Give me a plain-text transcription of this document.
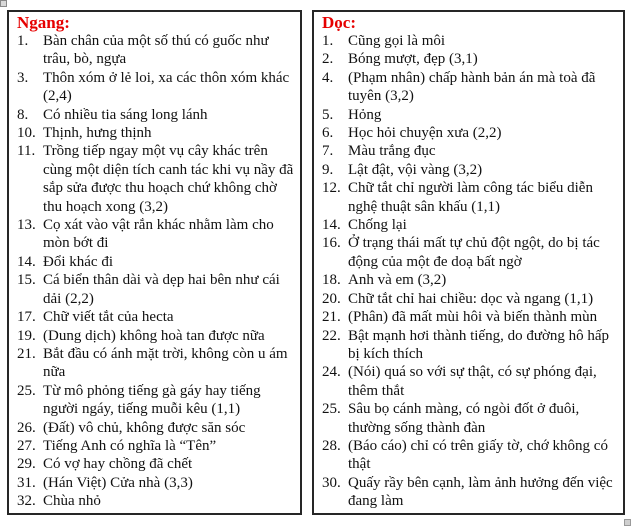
Ngang:
1. Bàn chân của một số thú có guốc như trâu, bò, ngựa
3. Thôn xóm ở lẻ loi, xa các thôn xóm khác (2,4)
8. Có nhiều tia sáng long lánh
10. Thịnh, hưng thịnh
11. Trồng tiếp ngay một vụ cây khác trên cùng một diện tích canh tác khi vụ nầy đã sắp sửa được thu hoạch chứ không chờ thu hoạch xong (3,2)
13. Cọ xát vào vật rắn khác nhằm làm cho mòn bớt đi
14. Đổi khác đi
15. Cá biển thân dài và dẹp hai bên như cái dải (2,2)
17. Chữ viết tắt của hecta
19. (Dung dịch) không hoà tan được nữa
21. Bắt đầu có ánh mặt trời, không còn u ám nữa
25. Từ mô phỏng tiếng gà gáy hay tiếng người ngáy, tiếng muỗi kêu (1,1)
26. (Đất) vô chủ, không được săn sóc
27. Tiếng Anh có nghĩa là “Tên”
29. Có vợ hay chồng đã chết
31. (Hán Việt) Cửa nhà (3,3)
32. Chùa nhỏ
Dọc:
1. Cũng gọi là môi
2. Bóng mượt, đẹp (3,1)
4. (Phạm nhân) chấp hành bản án mà toà đã tuyên (3,2)
5. Hỏng
6. Học hỏi chuyện xưa (2,2)
7. Màu trắng đục
9. Lật đật, vội vàng (3,2)
12. Chữ tắt chỉ người làm công tác biểu diễn nghệ thuật sân khấu (1,1)
14. Chống lại
16. Ở trạng thái mất tự chủ đột ngột, do bị tác động của một đe doạ bất ngờ
18. Anh và em (3,2)
20. Chữ tắt chỉ hai chiều: dọc và ngang (1,1)
21. (Phân) đã mất mùi hôi và biến thành mùn
22. Bật mạnh hơi thành tiếng, do đường hô hấp bị kích thích
24. (Nói) quá so với sự thật, có sự phóng đại, thêm thắt
25. Sâu bọ cánh màng, có ngòi đốt ở đuôi, thường sống thành đàn
28. (Báo cáo) chỉ có trên giấy tờ, chớ không có thật
30. Quấy rầy bên cạnh, làm ảnh hưởng đến việc đang làm
